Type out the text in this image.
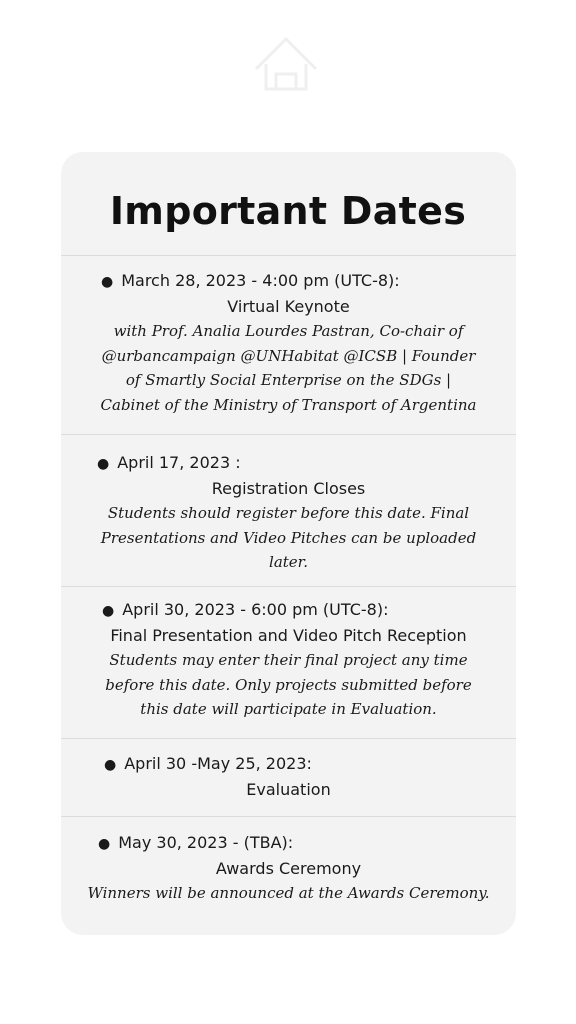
Important Dates
● March 28, 2023 - 4:00 pm (UTC-8):
Virtual Keynote
with Prof. Analia Lourdes Pastran, Co-chair of @urbancampaign @UNHabitat @ICSB | Founder of Smartly Social Enterprise on the SDGs | Cabinet of the Ministry of Transport of Argentina
● April 17, 2023 :
Registration Closes
Students should register before this date. Final Presentations and Video Pitches can be uploaded later.
● April 30, 2023 - 6:00 pm (UTC-8):
Final Presentation and Video Pitch Reception
Students may enter their final project any time before this date. Only projects submitted before this date will participate in Evaluation.
● April 30 -May 25, 2023:
Evaluation
● May 30, 2023 - (TBA):
Awards Ceremony
Winners will be announced at the Awards Ceremony.
